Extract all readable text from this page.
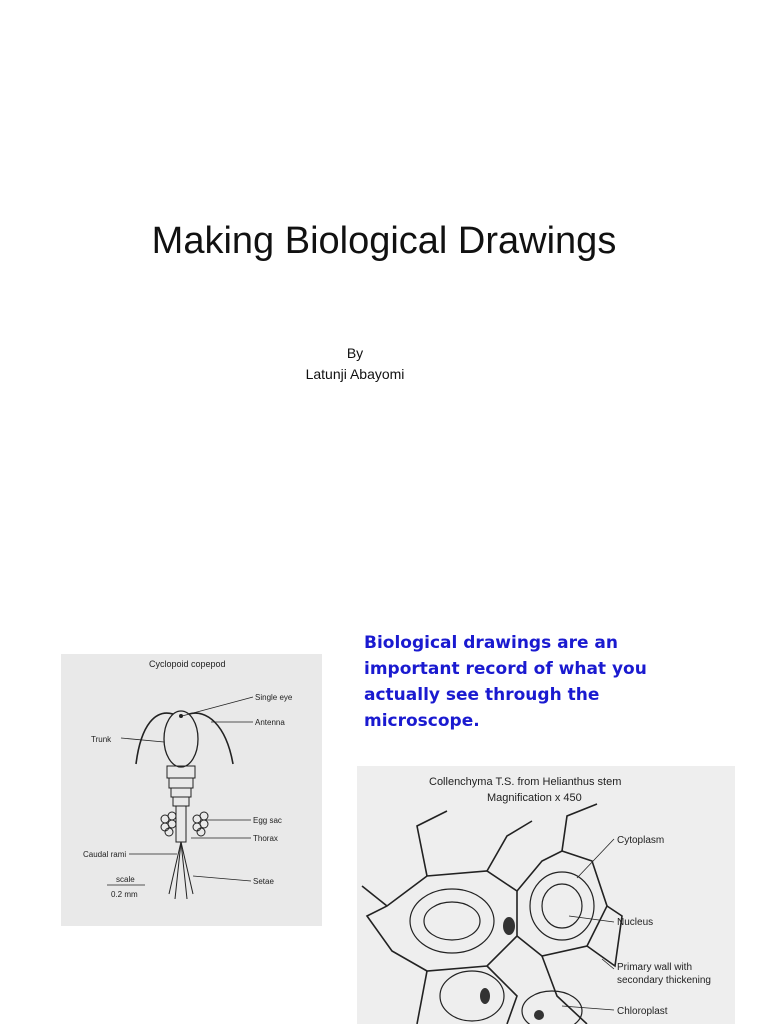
Making Biological Drawings
By
Latunji Abayomi
Cyclopoid copepod
Single eye
Antenna
Trunk
Egg sac
Thorax
Caudal rami
Setae
scale
0.2 mm
Biological drawings are an important record of what you actually see through the microscope.
Collenchyma T.S. from Helianthus stem
Magnification x 450
Cytoplasm
Nucleus
Primary wall with
secondary thickening
Chloroplast
